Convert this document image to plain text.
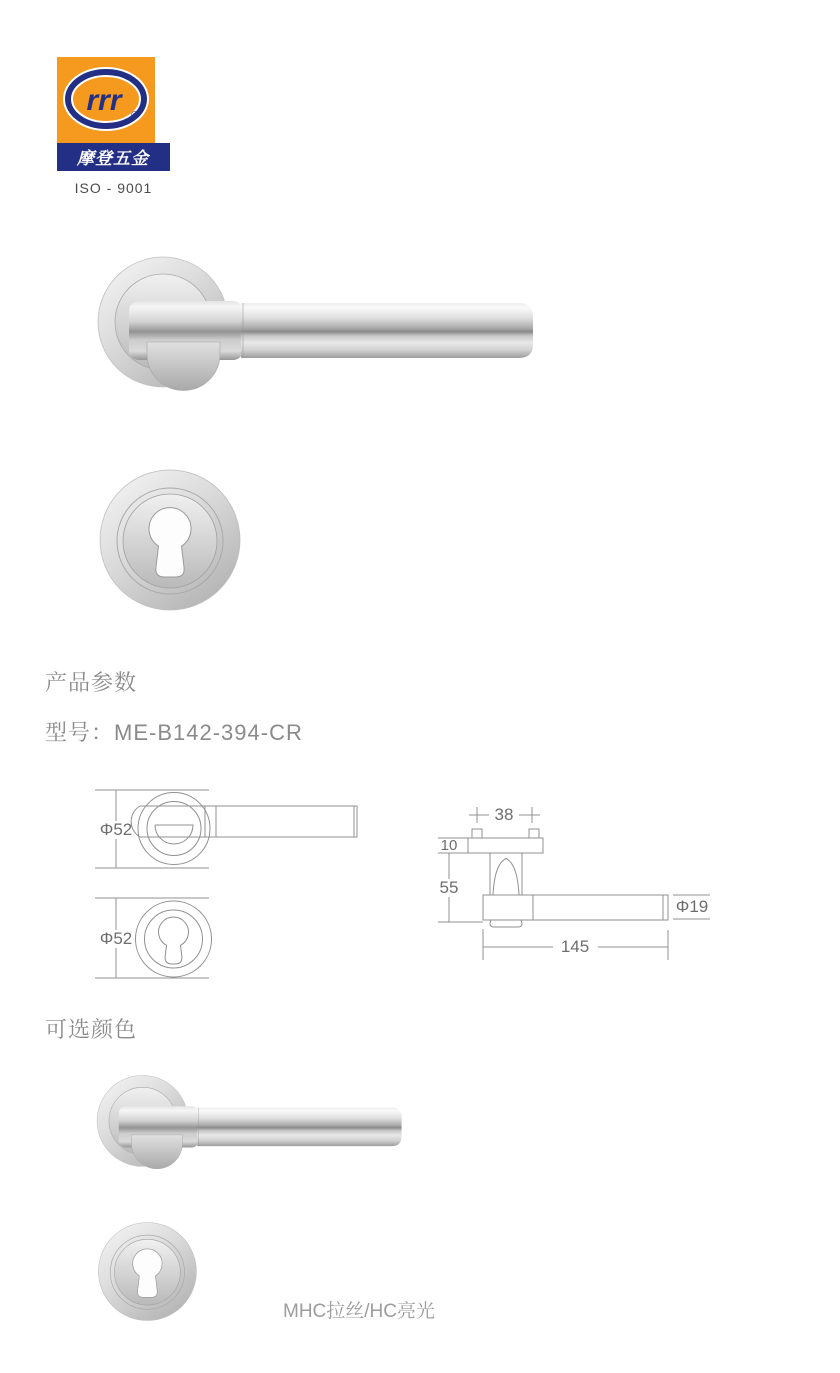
rrr ®
摩登五金
ISO - 9001
产品参数
型号：ME-B142-394-CR
Φ52
Φ52
38
10
55
Φ19
145
可选颜色
MHC拉丝/HC亮光
